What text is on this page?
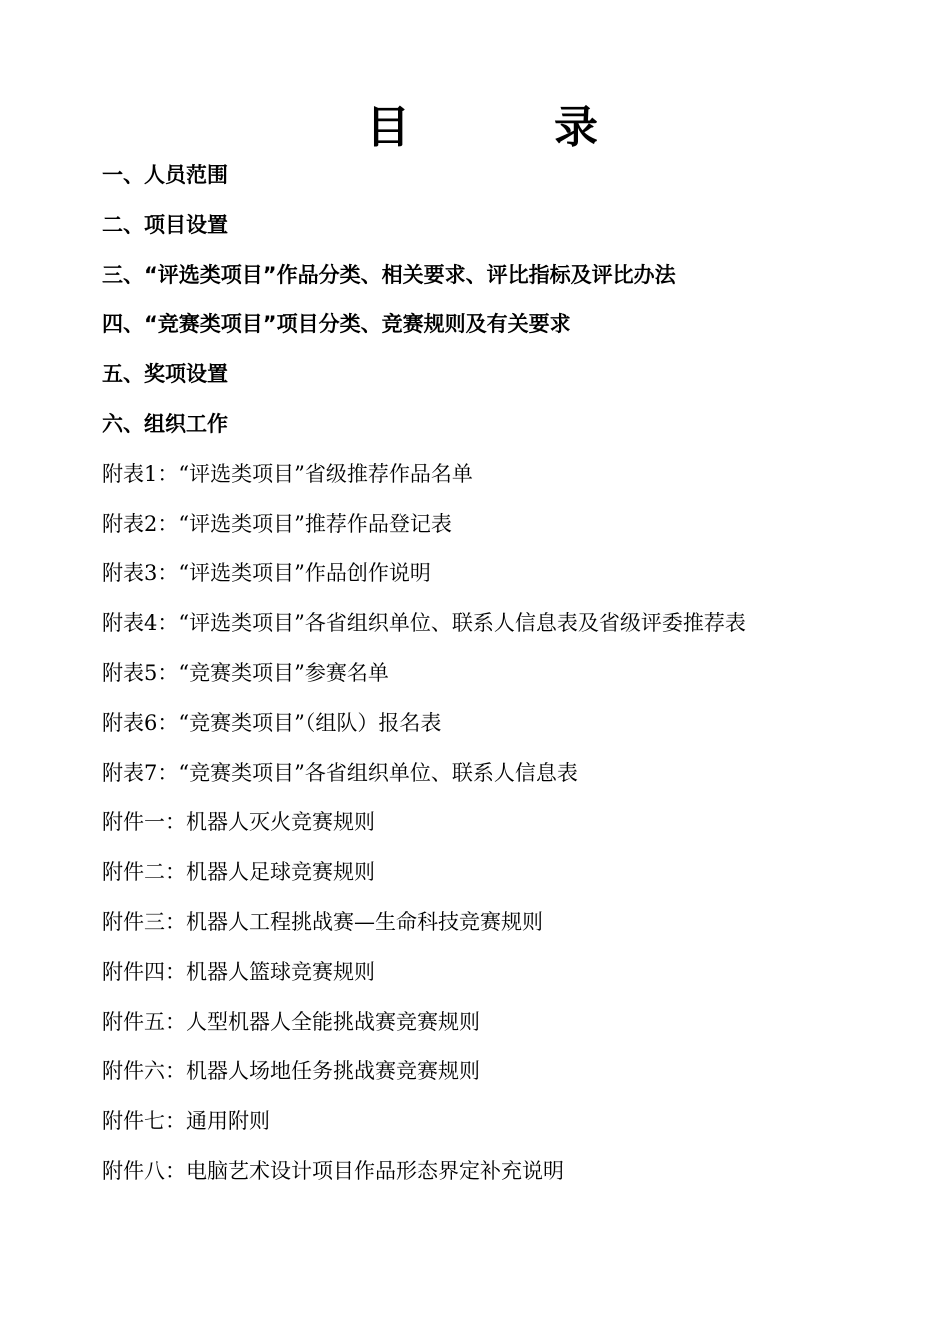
目	录
一、人员范围
二、项目设置
三、“评选类项目”作品分类、相关要求、评比指标及评比办法
四、“竞赛类项目”项目分类、竞赛规则及有关要求
五、奖项设置
六、组织工作
附表1：“评选类项目”省级推荐作品名单
附表2：“评选类项目”推荐作品登记表
附表3：“评选类项目”作品创作说明
附表4：“评选类项目”各省组织单位、联系人信息表及省级评委推荐表
附表5：“竞赛类项目”参赛名单
附表6：“竞赛类项目”（组队）报名表
附表7：“竞赛类项目”各省组织单位、联系人信息表
附件一：机器人灭火竞赛规则
附件二：机器人足球竞赛规则
附件三：机器人工程挑战赛—生命科技竞赛规则
附件四：机器人篮球竞赛规则
附件五：人型机器人全能挑战赛竞赛规则
附件六：机器人场地任务挑战赛竞赛规则
附件七：通用附则
附件八：电脑艺术设计项目作品形态界定补充说明
